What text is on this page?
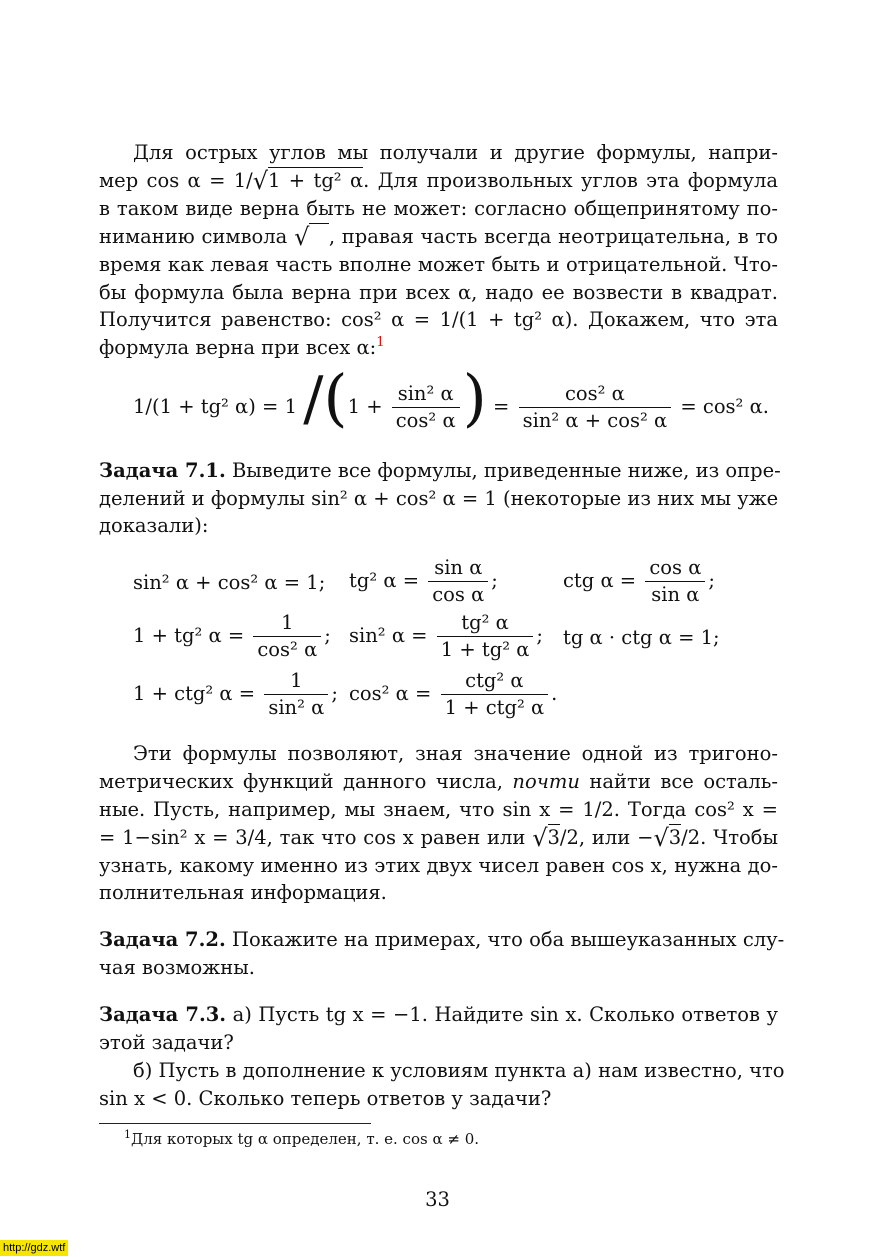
Для острых углов мы получали и другие формулы, напри-
мер cos α = 1/√1 + tg² α. Для произвольных углов эта формула
в таком виде верна быть не может: согласно общепринятому по-
ниманию символа √  , правая часть всегда неотрицательна, в то
время как левая часть вполне может быть и отрицательной. Что-
бы формула была верна при всех α, надо ее возвести в квадрат.
Получится равенство: cos² α = 1/(1 + tg² α). Докажем, что эта
формула верна при всех α:$^1$
1/(1 + tg² α) = 1 $/(1 + \frac{\text{sin² α}}{\text{cos² α}}$ ) = $\frac{\text{cos² α}}{\text{sin² α + cos² α}} = \cos^2$ α.
Задача 7.1. Выведите все формулы, приведенные ниже, из опре-
делений и формулы sin² α + cos² α = 1 (некоторые из них мы уже
доказали):
sin² α + cos² α = 1; tg² $\alpha = \frac{\text{sin α}}{\text{cos α}}$ ;	ctg $\alpha = \frac{\text{cos α}}{\text{sin α}}$ ;
1 + tg² $\alpha = \frac{1}{\text{cos² α}}$ ; sin² $\alpha = \frac{\text{tg² α}}{\text{1 + tg² α}}$ ; tg α · ctg α = 1;
1 + ctg² $\alpha = \frac{1}{\text{sin² α}}$ ; cos² $\alpha = \frac{\text{ctg² α}}{\text{1 + ctg² α}}$ .
Эти формулы позволяют, зная значение одной из тригоно-
метрических функций данного числа, почти найти все осталь-
ные. Пусть, например, мы знаем, что sin x = 1/2. Тогда cos² x =
= 1−sin² x = 3/4, так что cos x равен или √3/2, или −√3/2. Чтобы
узнать, какому именно из этих двух чисел равен cos x, нужна до-
полнительная информация.
Задача 7.2. Покажите на примерах, что оба вышеуказанных слу-
чая возможны.
Задача 7.3. а) Пусть tg x = −1. Найдите sin x. Сколько ответов у
этой задачи?
б) Пусть в дополнение к условиям пункта а) нам известно, что
sin x < 0. Сколько теперь ответов у задачи?
$^1$Для которых tg α определен, т. е. cos α ≠ 0.
33
http://gdz.wtf
